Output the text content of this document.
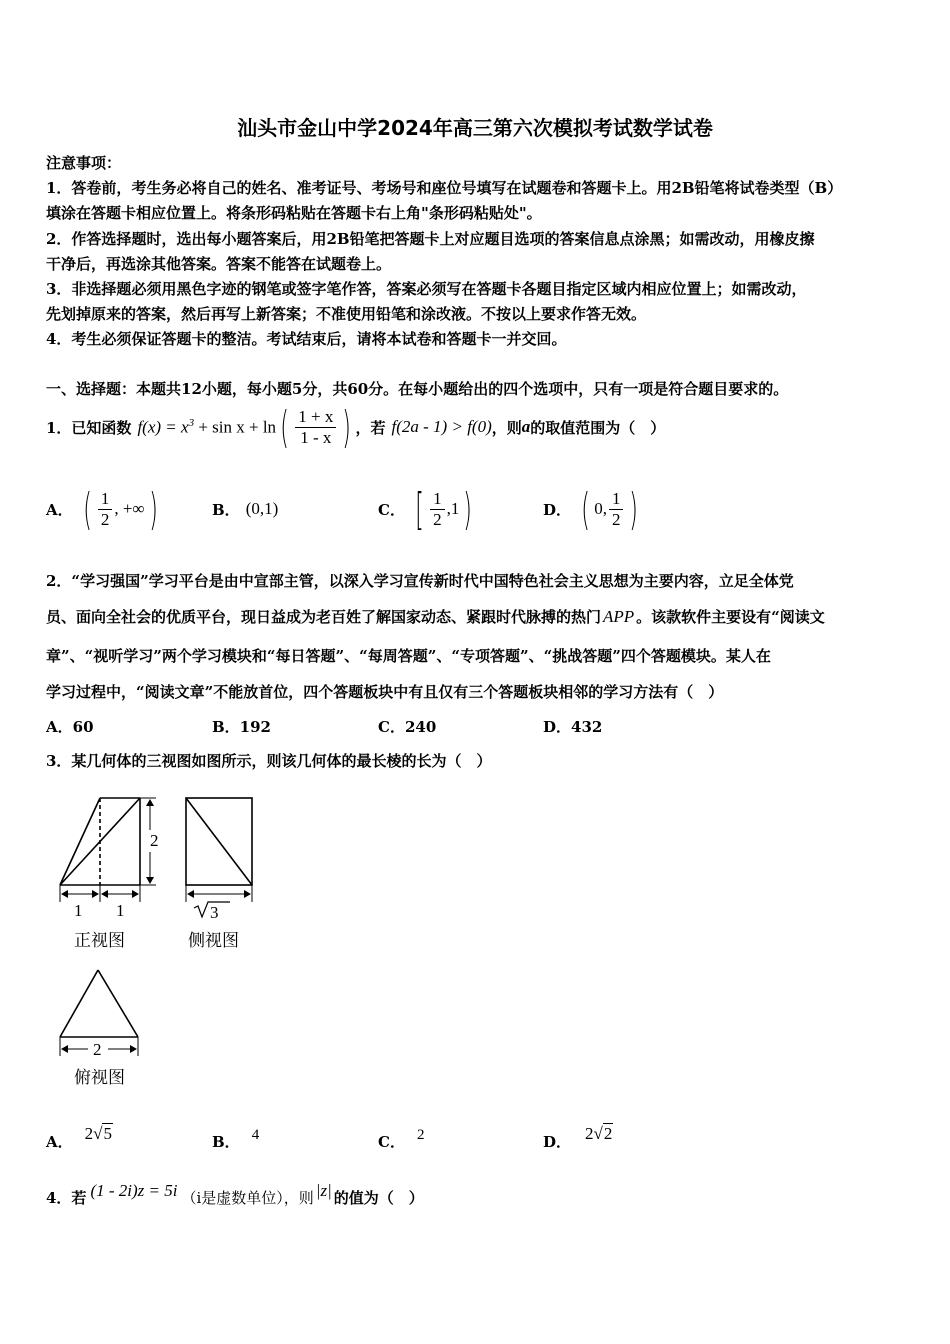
汕头市金山中学2024年高三第六次模拟考试数学试卷
注意事项：
1．答卷前，考生务必将自己的姓名、准考证号、考场号和座位号填写在试题卷和答题卡上。用2B铅笔将试卷类型（B）
填涂在答题卡相应位置上。将条形码粘贴在答题卡右上角"条形码粘贴处"。
2．作答选择题时，选出每小题答案后，用2B铅笔把答题卡上对应题目选项的答案信息点涂黑；如需改动，用橡皮擦
干净后，再选涂其他答案。答案不能答在试题卷上。
3．非选择题必须用黑色字迹的钢笔或签字笔作答，答案必须写在答题卡各题目指定区域内相应位置上；如需改动，
先划掉原来的答案，然后再写上新答案；不准使用铅笔和涂改液。不按以上要求作答无效。
4．考生必须保证答题卡的整洁。考试结束后，请将本试卷和答题卡一并交回。
一、选择题：本题共12小题，每小题5分，共60分。在每小题给出的四个选项中，只有一项是符合题目要求的。
1．已知函数 $f(x) = x^3 + \sin x + \ln$ ( $\frac{1 + x}{1 - x}$ ) ，若 f(2a - 1) > f(0) ，则 a 的取值范围为（　）
A． ( $\frac{1}{2}$ , +∞ )	B． (0,1)	C． [ $\frac{1}{2} ,1$ )	D． ( 0, $\frac{1}{2}$ )
2．“学习强国”学习平台是由中宣部主管，以深入学习宣传新时代中国特色社会主义思想为主要内容，立足全体党
员、面向全社会的优质平台，现日益成为老百姓了解国家动态、紧跟时代脉搏的热门 APP 。该款软件主要设有“阅读文
章”、“视听学习”两个学习模块和“每日答题”、“每周答题”、“专项答题”、“挑战答题”四个答题模块。某人在
学习过程中，“阅读文章”不能放首位，四个答题板块中有且仅有三个答题板块相邻的学习方法有（　）
A．60	B．192	C．240	D．432
3．某几何体的三视图如图所示，则该几何体的最长棱的长为（　）
2
1 1
正视图
3
侧视图
2
俯视图
A． 2√5	B． 4	C． 2	D． 2√2
4．若 (1 - 2i)z = 5i （i是虚数单位），则 |z| 的值为（　）
